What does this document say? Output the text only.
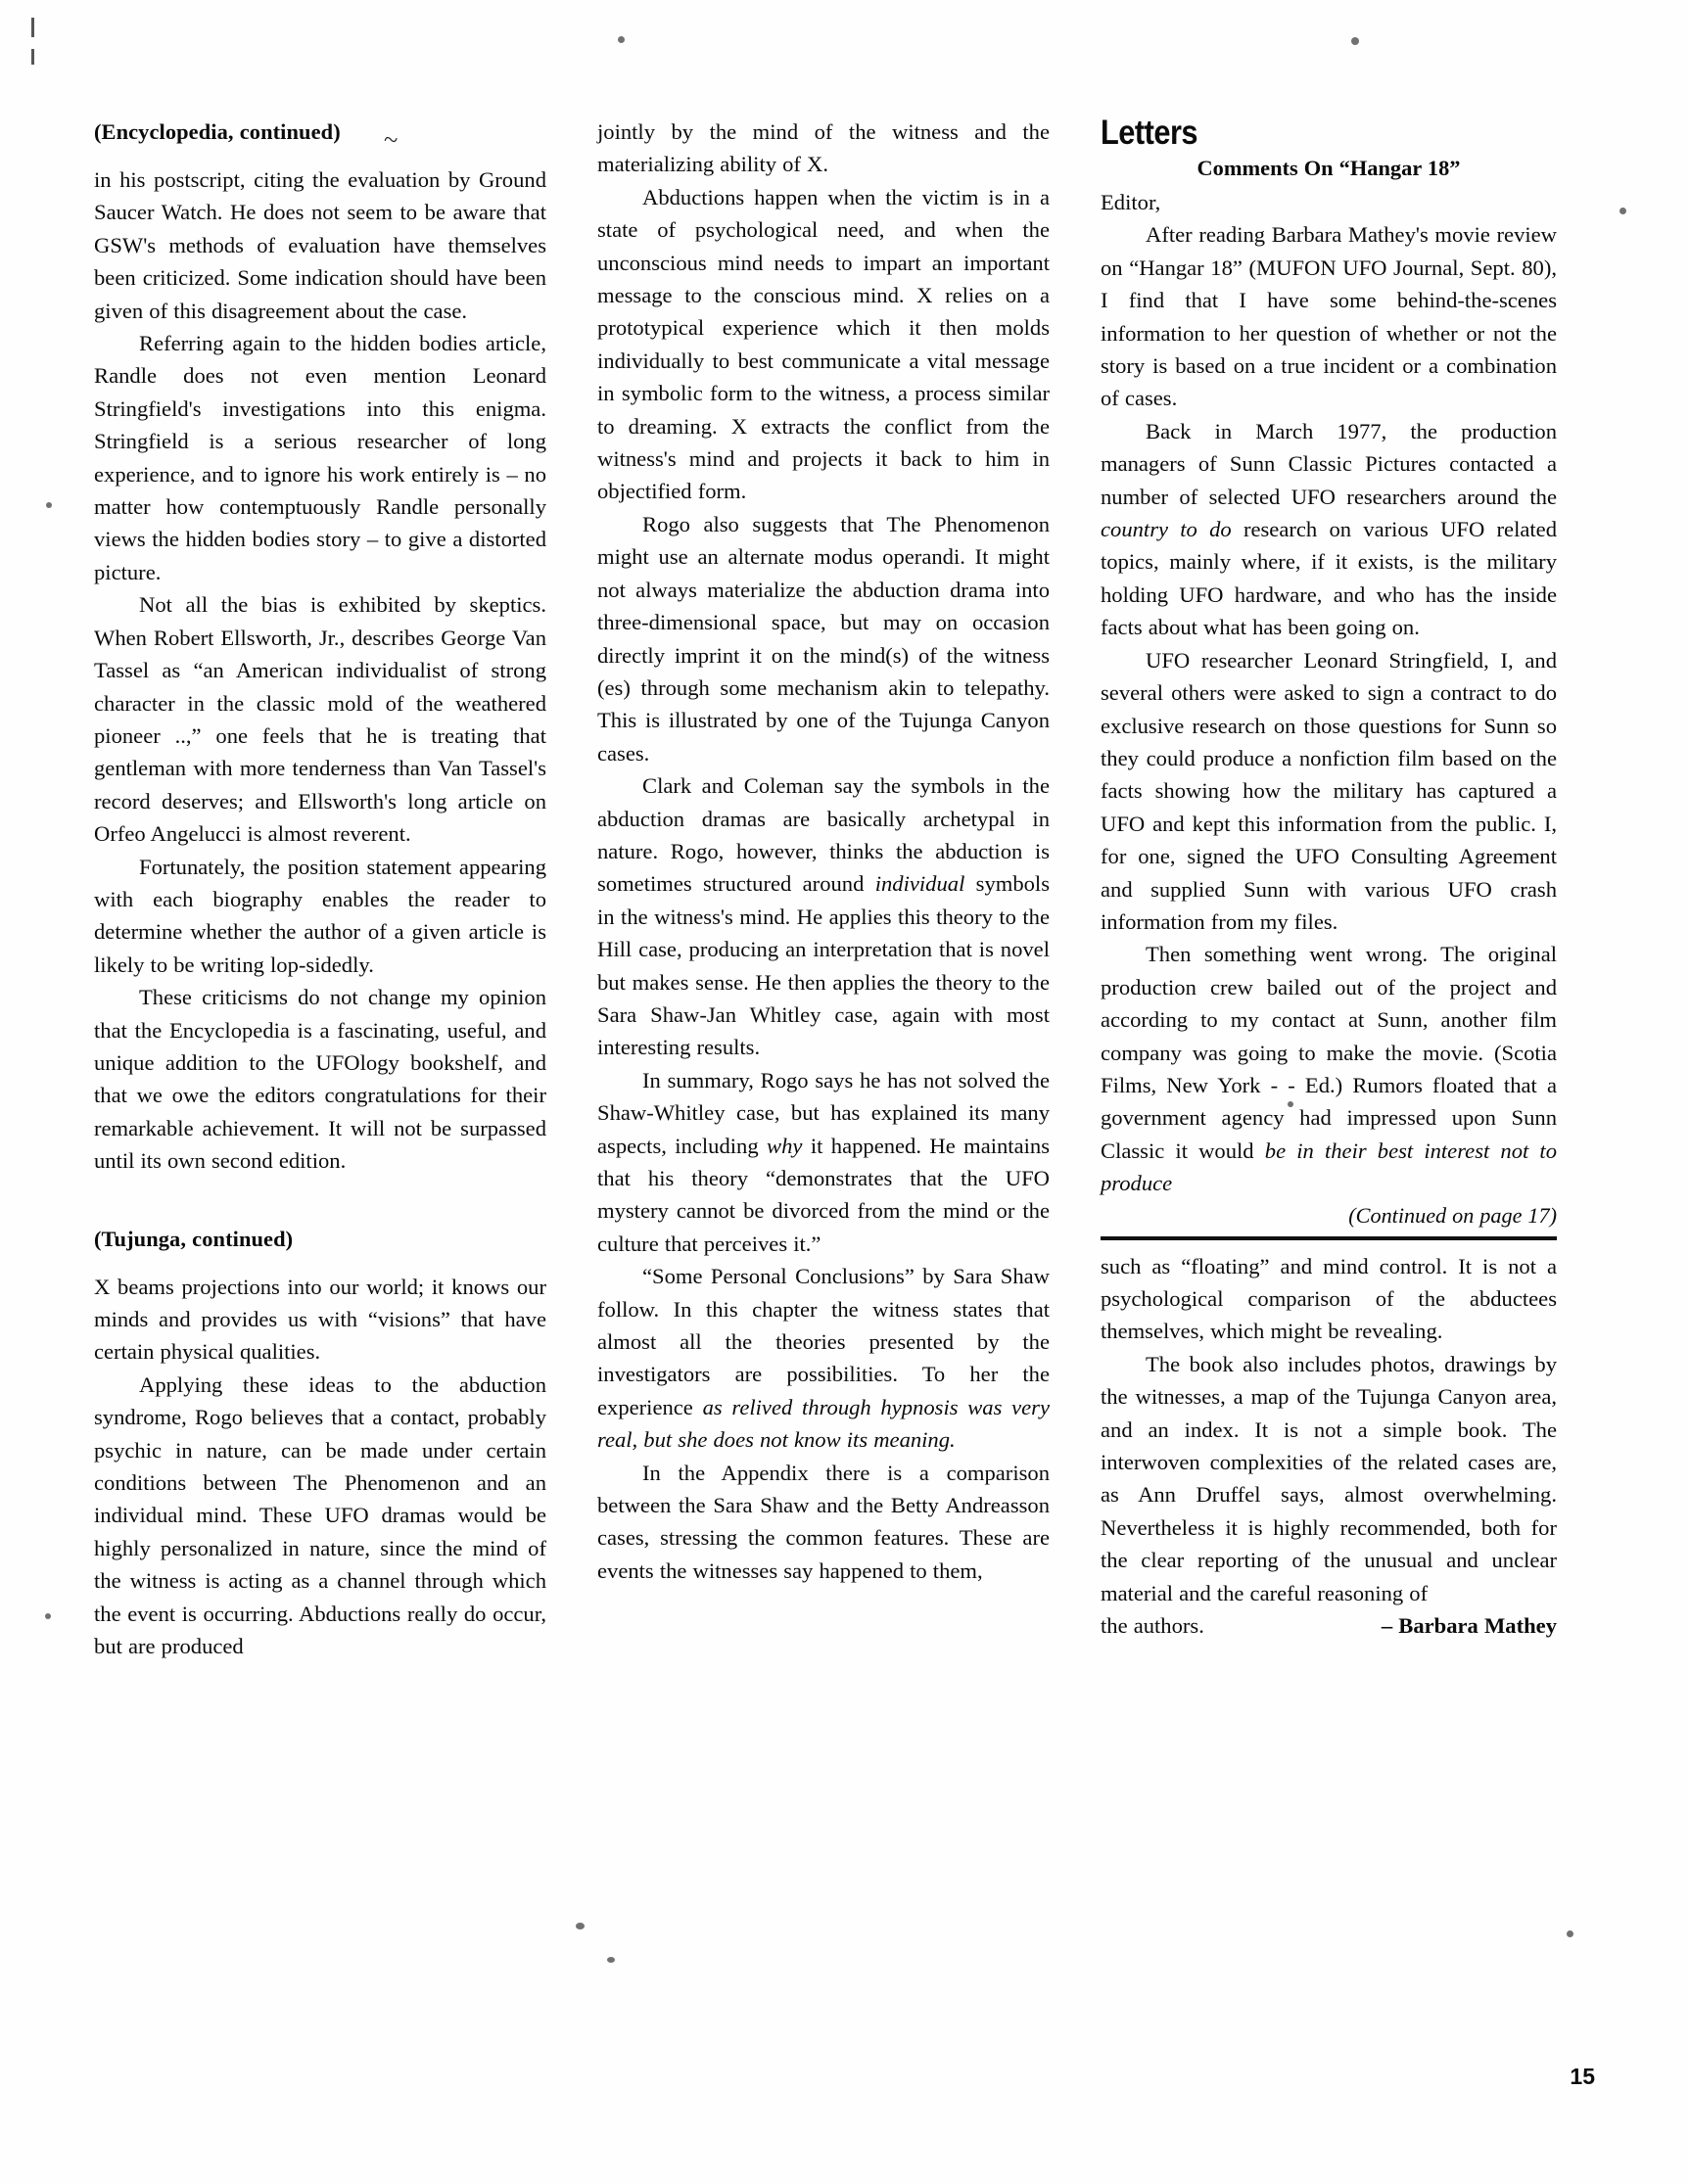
~

(Encyclopedia, continued)

in his postscript, citing the evaluation by Ground Saucer Watch. He does not seem to be aware that GSW's methods of evaluation have themselves been criticized. Some indication should have been given of this disagreement about the case.

Referring again to the hidden bodies article, Randle does not even mention Leonard Stringfield's investigations into this enigma. Stringfield is a serious researcher of long experience, and to ignore his work entirely is – no matter how contemptuously Randle personally views the hidden bodies story – to give a distorted picture.

Not all the bias is exhibited by skeptics. When Robert Ellsworth, Jr., describes George Van Tassel as “an American individualist of strong character in the classic mold of the weathered pioneer ..,” one feels that he is treating that gentleman with more tenderness than Van Tassel's record deserves; and Ellsworth's long article on Orfeo Angelucci is almost reverent.

Fortunately, the position statement appearing with each biography enables the reader to determine whether the author of a given article is likely to be writing lop-sidedly.

These criticisms do not change my opinion that the Encyclopedia is a fascinating, useful, and unique addition to the UFOlogy bookshelf, and that we owe the editors congratulations for their remarkable achievement. It will not be surpassed until its own second edition.

(Tujunga, continued)

X beams projections into our world; it knows our minds and provides us with “visions” that have certain physical qualities.

Applying these ideas to the abduction syndrome, Rogo believes that a contact, probably psychic in nature, can be made under certain conditions between The Phenomenon and an individual mind. These UFO dramas would be highly personalized in nature, since the mind of the witness is acting as a channel through which the event is occurring. Abductions really do occur, but are produced

jointly by the mind of the witness and the materializing ability of X.

Abductions happen when the victim is in a state of psychological need, and when the unconscious mind needs to impart an important message to the conscious mind. X relies on a prototypical experience which it then molds individually to best communicate a vital message in symbolic form to the witness, a process similar to dreaming. X extracts the conflict from the witness's mind and projects it back to him in objectified form.

Rogo also suggests that The Phenomenon might use an alternate modus operandi. It might not always materialize the abduction drama into three-dimensional space, but may on occasion directly imprint it on the mind(s) of the witness (es) through some mechanism akin to telepathy. This is illustrated by one of the Tujunga Canyon cases.

Clark and Coleman say the symbols in the abduction dramas are basically archetypal in nature. Rogo, however, thinks the abduction is sometimes structured around individual symbols in the witness's mind. He applies this theory to the Hill case, producing an interpretation that is novel but makes sense. He then applies the theory to the Sara Shaw-Jan Whitley case, again with most interesting results.

In summary, Rogo says he has not solved the Shaw-Whitley case, but has explained its many aspects, including why it happened. He maintains that his theory “demonstrates that the UFO mystery cannot be divorced from the mind or the culture that perceives it.”

“Some Personal Conclusions” by Sara Shaw follow. In this chapter the witness states that almost all the theories presented by the investigators are possibilities. To her the experience as relived through hypnosis was very real, but she does not know its meaning.

In the Appendix there is a comparison between the Sara Shaw and the Betty Andreasson cases, stressing the common features. These are events the witnesses say happened to them,

Letters

Comments On “Hangar 18”

Editor,

After reading Barbara Mathey's movie review on “Hangar 18” (MUFON UFO Journal, Sept. 80), I find that I have some behind-the-scenes information to her question of whether or not the story is based on a true incident or a combination of cases.

Back in March 1977, the production managers of Sunn Classic Pictures contacted a number of selected UFO researchers around the country to do research on various UFO related topics, mainly where, if it exists, is the military holding UFO hardware, and who has the inside facts about what has been going on.

UFO researcher Leonard Stringfield, I, and several others were asked to sign a contract to do exclusive research on those questions for Sunn so they could produce a nonfiction film based on the facts showing how the military has captured a UFO and kept this information from the public. I, for one, signed the UFO Consulting Agreement and supplied Sunn with various UFO crash information from my files.

Then something went wrong. The original production crew bailed out of the project and according to my contact at Sunn, another film company was going to make the movie. (Scotia Films, New York - - Ed.) Rumors floated that a government agency had impressed upon Sunn Classic it would be in their best interest not to produce

(Continued on page 17)

such as “floating” and mind control. It is not a psychological comparison of the abductees themselves, which might be revealing.

The book also includes photos, drawings by the witnesses, a map of the Tujunga Canyon area, and an index. It is not a simple book. The interwoven complexities of the related cases are, as Ann Druffel says, almost overwhelming. Nevertheless it is highly recommended, both for the clear reporting of the unusual and unclear material and the careful reasoning of

the authors.	– Barbara Mathey

15
